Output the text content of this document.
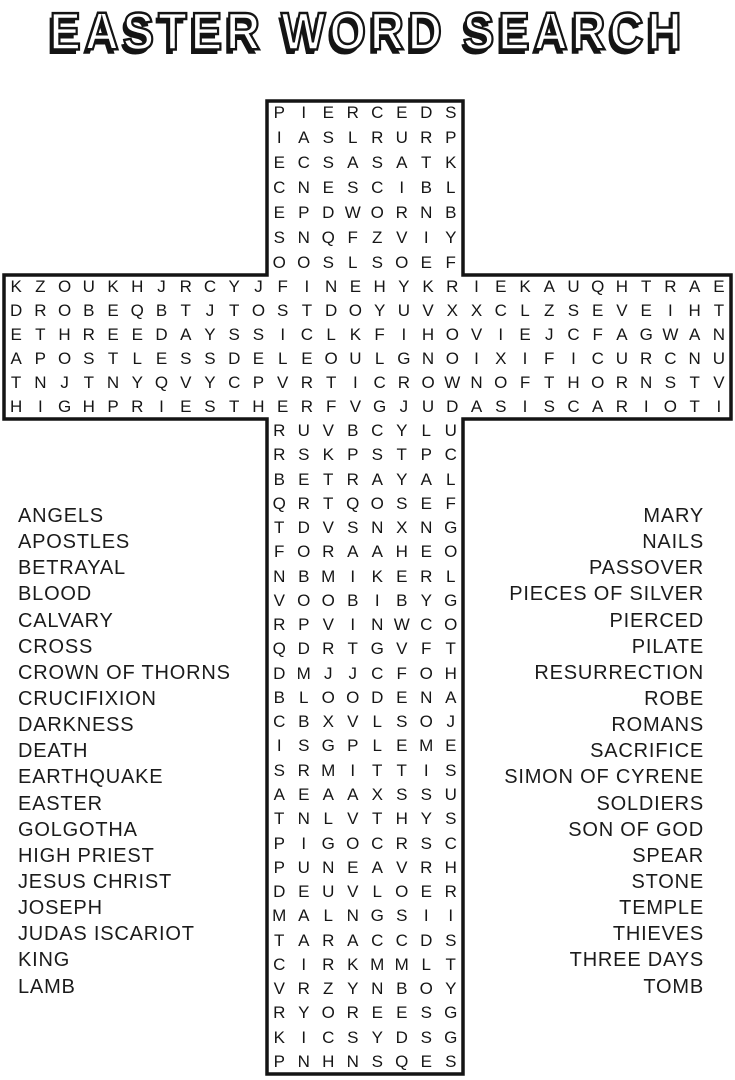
EASTER WORD SEARCH
P I E R C E D S
I A S L R U R P
E C S A S A T K
C N E S C I B L
E P D W O R N B
S N Q F Z V I Y
O O S L S O E F
K Z O U K H J R C Y J F I N E H Y K R I E K A U Q H T R A E
D R O B E Q B T J T O S T D O Y U V X X C L Z S E V E I H T
E T H R E E D A Y S S I C L K F I H O V I E J C F A G W A N
A P O S T L E S S D E L E O U L G N O I X I F I C U R C N U
T N J T N Y Q V Y C P V R T I C R O W N O F T H O R N S T V
H I G H P R I E S T H E R F V G J U D A S I S C A R I O T I
R U V B C Y L U
R S K P S T P C
B E T R A Y A L
Q R T Q O S E F
T D V S N X N G
F O R A A H E O
N B M I K E R L
V O O B I B Y G
R P V I N W C O
Q D R T G V F T
D M J J C F O H
B L O O D E N A
C B X V L S O J
I S G P L E M E
S R M I T T I S
A E A A X S S U
T N L V T H Y S
P I G O C R S C
P U N E A V R H
D E U V L O E R
M A L N G S I	I
T A R A C C D S
C I R K M M L T
V R Z Y N B O Y
R Y O R E E S G
K I C S Y D S G
P N H N S Q E S
ANGELS
APOSTLES
BETRAYAL
BLOOD
CALVARY
CROSS
CROWN OF THORNS
CRUCIFIXION
DARKNESS
DEATH
EARTHQUAKE
EASTER
GOLGOTHA
HIGH PRIEST
JESUS CHRIST
JOSEPH
JUDAS ISCARIOT
KING
LAMB
MARY
NAILS
PASSOVER
PIECES OF SILVER
PIERCED
PILATE
RESURRECTION
ROBE
ROMANS
SACRIFICE
SIMON OF CYRENE
SOLDIERS
SON OF GOD
SPEAR
STONE
TEMPLE
THIEVES
THREE DAYS
TOMB
